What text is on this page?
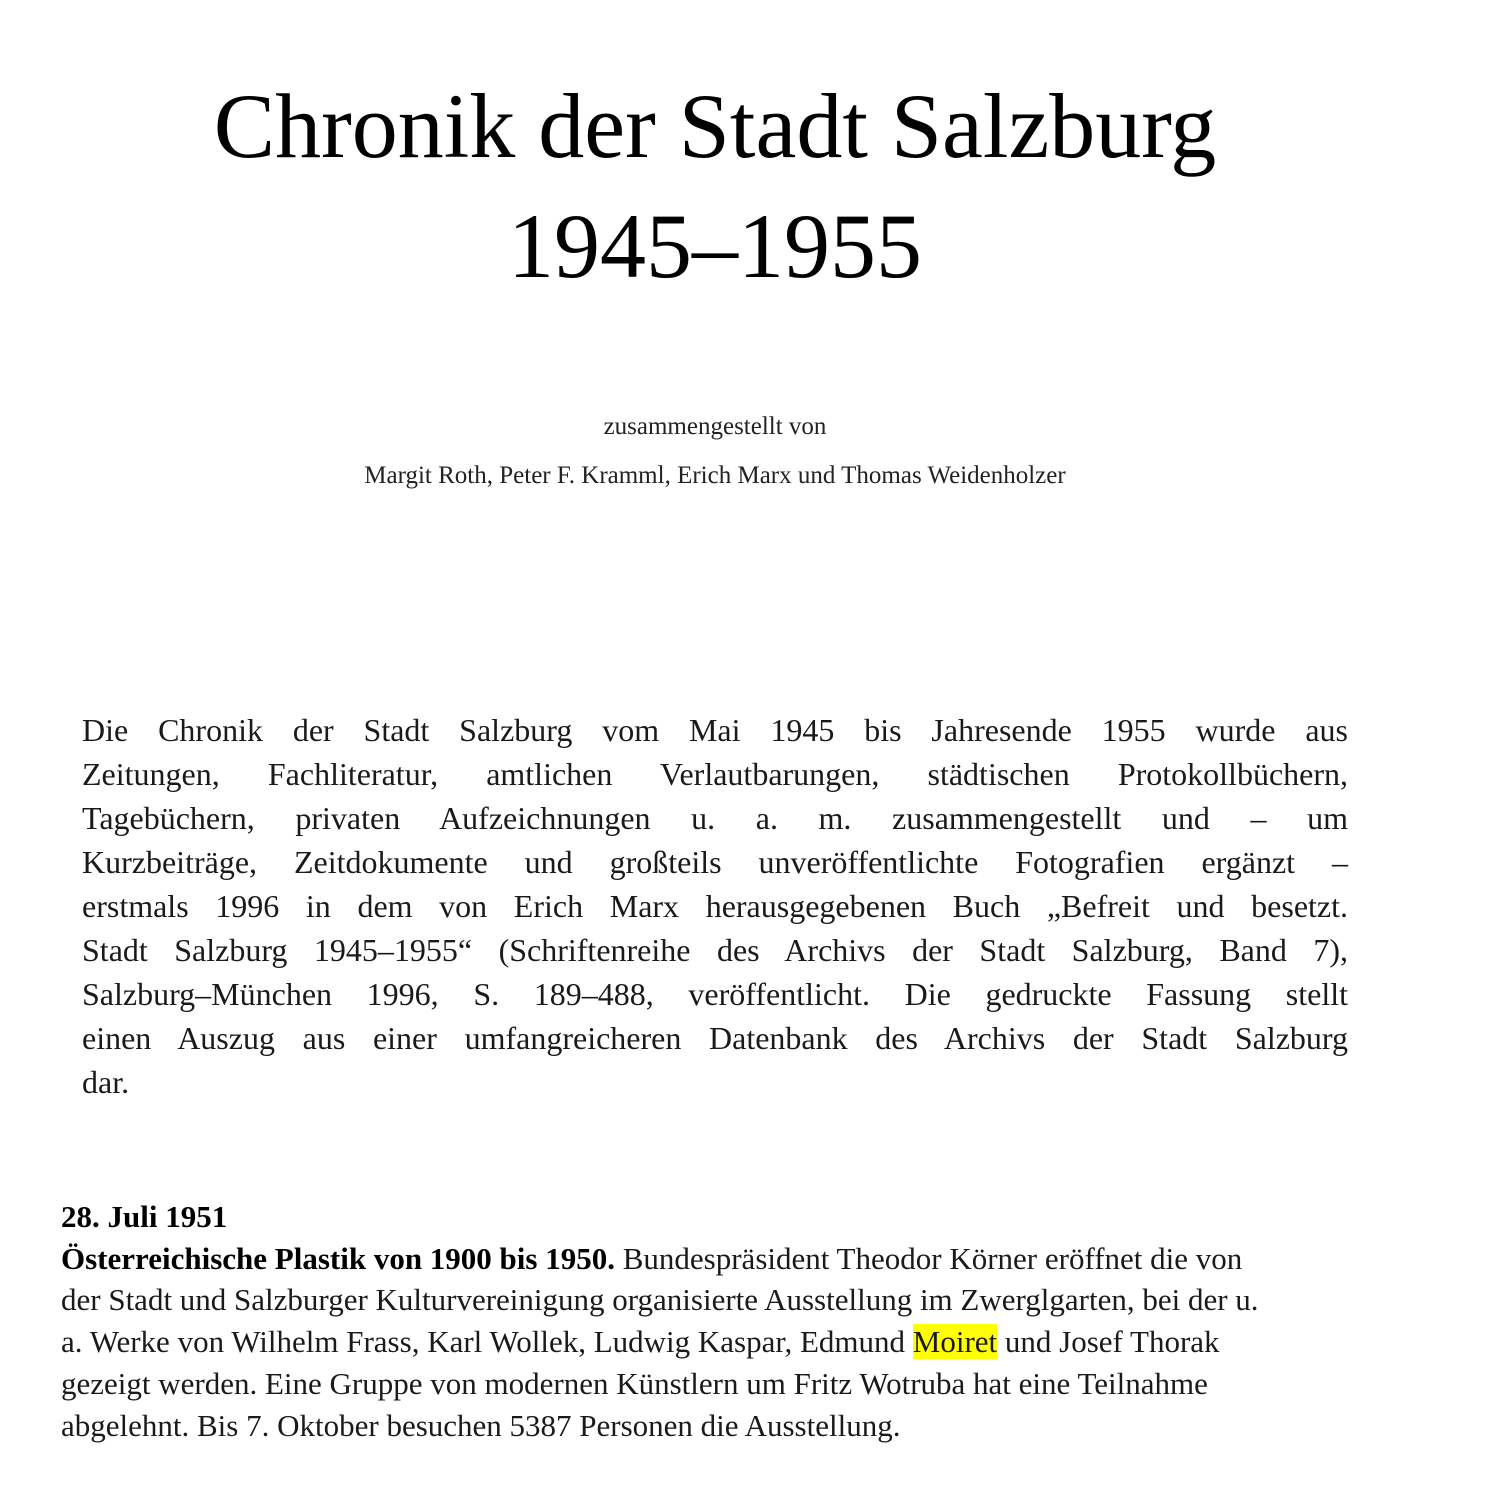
Chronik der Stadt Salzburg
1945–1955
zusammengestellt von
Margit Roth, Peter F. Kramml, Erich Marx und Thomas Weidenholzer
Die Chronik der Stadt Salzburg vom Mai 1945 bis Jahresende 1955 wurde aus
Zeitungen, Fachliteratur, amtlichen Verlautbarungen, städtischen Protokollbüchern,
Tagebüchern, privaten Aufzeichnungen u. a. m. zusammengestellt und – um
Kurzbeiträge, Zeitdokumente und großteils unveröffentlichte Fotografien ergänzt –
erstmals 1996 in dem von Erich Marx herausgegebenen Buch „Befreit und besetzt.
Stadt Salzburg 1945–1955“ (Schriftenreihe des Archivs der Stadt Salzburg, Band 7),
Salzburg–München 1996, S. 189–488, veröffentlicht. Die gedruckte Fassung stellt
einen Auszug aus einer umfangreicheren Datenbank des Archivs der Stadt Salzburg
dar.
28. Juli 1951
Österreichische Plastik von 1900 bis 1950. Bundespräsident Theodor Körner eröffnet die von
der Stadt und Salzburger Kulturvereinigung organisierte Ausstellung im Zwerglgarten, bei der u.
a. Werke von Wilhelm Frass, Karl Wollek, Ludwig Kaspar, Edmund Moiret und Josef Thorak
gezeigt werden. Eine Gruppe von modernen Künstlern um Fritz Wotruba hat eine Teilnahme
abgelehnt. Bis 7. Oktober besuchen 5387 Personen die Ausstellung.
